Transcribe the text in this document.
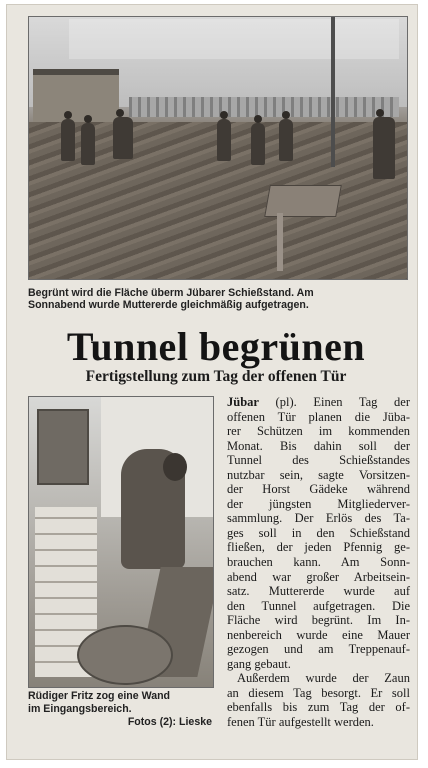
Begrünt wird die Fläche überm Jübarer Schießstand. Am
Sonnabend wurde Muttererde gleichmäßig aufgetragen.
Tunnel begrünen
Fertigstellung zum Tag der offenen Tür
Rüdiger Fritz zog eine Wand
im Eingangsbereich.
Fotos (2): Lieske
Jübar (pl). Einen Tag der
offenen Tür planen die Jüba-
rer Schützen im kommenden
Monat. Bis dahin soll der
Tunnel des Schießstandes
nutzbar sein, sagte Vorsitzen-
der Horst Gädeke während
der jüngsten Mitgliederver-
sammlung. Der Erlös des Ta-
ges soll in den Schießstand
fließen, der jeden Pfennig ge-
brauchen kann. Am Sonn-
abend war großer Arbeitsein-
satz. Muttererde wurde auf
den Tunnel aufgetragen. Die
Fläche wird begrünt. Im In-
nenbereich wurde eine Mauer
gezogen und am Treppenauf-
gang gebaut.
Außerdem wurde der Zaun
an diesem Tag besorgt. Er soll
ebenfalls bis zum Tag der of-
fenen Tür aufgestellt werden.
